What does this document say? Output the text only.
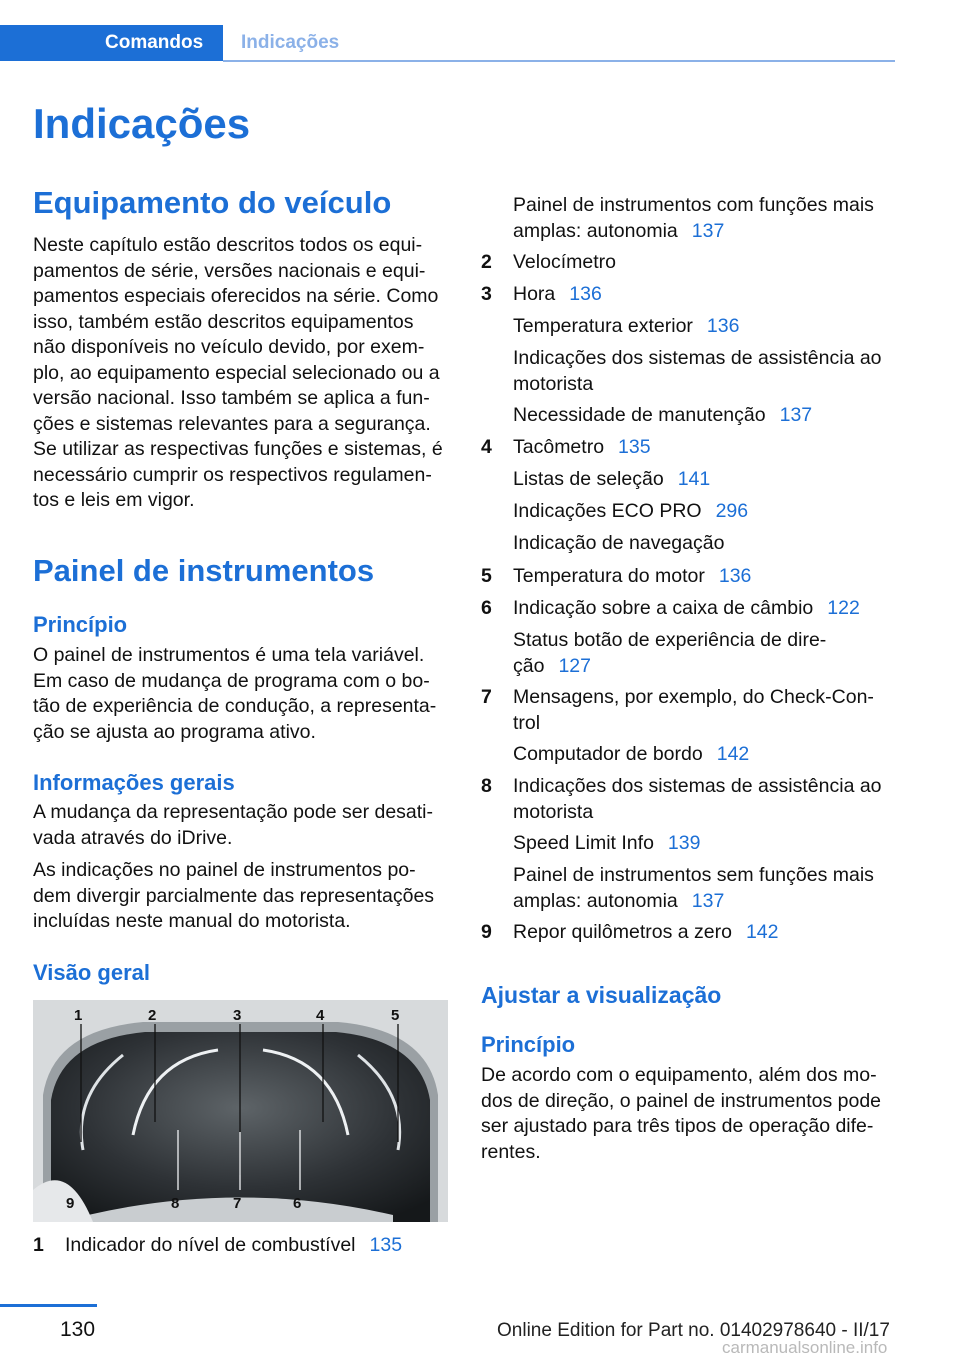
Comandos Indicações
Indicações
Equipamento do veículo
Neste capítulo estão descritos todos os equi‐
pamentos de série, versões nacionais e equi‐
pamentos especiais oferecidos na série. Como
isso, também estão descritos equipamentos
não disponíveis no veículo devido, por exem‐
plo, ao equipamento especial selecionado ou a
versão nacional. Isso também se aplica a fun‐
ções e sistemas relevantes para a segurança.
Se utilizar as respectivas funções e sistemas, é
necessário cumprir os respectivos regulamen‐
tos e leis em vigor.
Painel de instrumentos
Princípio
O painel de instrumentos é uma tela variável.
Em caso de mudança de programa com o bo‐
tão de experiência de condução, a representa‐
ção se ajusta ao programa ativo.
Informações gerais
A mudança da representação pode ser desati‐
vada através do iDrive.
As indicações no painel de instrumentos po‐
dem divergir parcialmente das representações
incluídas neste manual do motorista.
Visão geral
1	2	3	4	5
6
7
8
9
1 Indicador do nível de combustível 135
Painel de instrumentos com funções mais
amplas: autonomia 137
2 Velocímetro
3 Hora 136
Temperatura exterior 136
Indicações dos sistemas de assistência ao
motorista
Necessidade de manutenção 137
4 Tacômetro 135
Listas de seleção 141
Indicações ECO PRO 296
Indicação de navegação
5 Temperatura do motor 136
6 Indicação sobre a caixa de câmbio 122
Status botão de experiência de dire‐
ção 127
7	Mensagens, por exemplo, do Check-Con‐
trol
Computador de bordo 142
8	Indicações dos sistemas de assistência ao
motorista
Speed Limit Info 139
Painel de instrumentos sem funções mais
amplas: autonomia 137
9 Repor quilômetros a zero 142
Ajustar a visualização
Princípio
De acordo com o equipamento, além dos mo‐
dos de direção, o painel de instrumentos pode
ser ajustado para três tipos de operação dife‐
rentes.
130	Online Edition for Part no. 01402978640 - II/17
carmanualsonline.info
